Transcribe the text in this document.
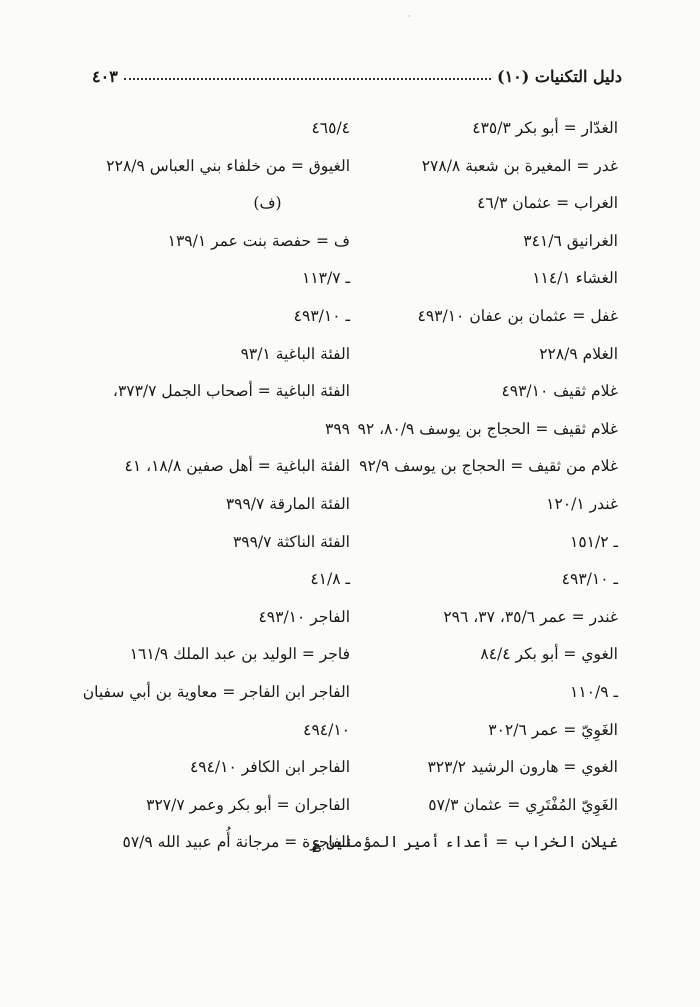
·
دليل التكنيات (١٠)
٤٠٣
الغدّار = أبو بكر ٤٣٥/٣
غدر = المغيرة بن شعبة ٢٧٨/٨
الغراب = عثمان ٤٦/٣
الغرانيق ٣٤١/٦
الغشاء ١١٤/١
غفل = عثمان بن عفان ٤٩٣/١٠
الغلام ٢٢٨/٩
غلام ثقيف ٤٩٣/١٠
غلام ثقيف = الحجاج بن يوسف ٨٠/٩، ٩٢
غلام من ثقيف = الحجاج بن يوسف ٩٢/٩
غندر ١٢٠/١
ـ ١٥١/٢
ـ ٤٩٣/١٠
غندر = عمر ٣٥/٦، ٣٧، ٢٩٦
الغوي = أبو بكر ٨٤/٤
ـ ١١٠/٩
الغَوِيّ = عمر ٣٠٢/٦
الغوي = هارون الرشيد ٣٢٣/٢
الغَوِيّ المُفْتَرِي = عثمان ٥٧/٣
غيلان الخراب = أعداء أمير المؤمنين ؏
٤٦٥/٤
الغيوق = من خلفاء بني العباس ٢٢٨/٩
(ف)
ف = حفصة بنت عمر ١٣٩/١
ـ ١١٣/٧
ـ ٤٩٣/١٠
الفئة الباغية ٩٣/١
الفئة الباغية = أصحاب الجمل ٣٧٣/٧،
٣٩٩
الفئة الباغية = أهل صفين ١٨/٨، ٤١
الفئة المارقة ٣٩٩/٧
الفئة الناكثة ٣٩٩/٧
ـ ٤١/٨
الفاجر ٤٩٣/١٠
فاجر = الوليد بن عبد الملك ١٦١/٩
الفاجر ابن الفاجر = معاوية بن أبي سفيان
٤٩٤/١٠
الفاجر ابن الكافر ٤٩٤/١٠
الفاجران = أبو بكر وعمر ٣٢٧/٧
الفاجرة = مرجانة أُم عبيد الله ٥٧/٩
